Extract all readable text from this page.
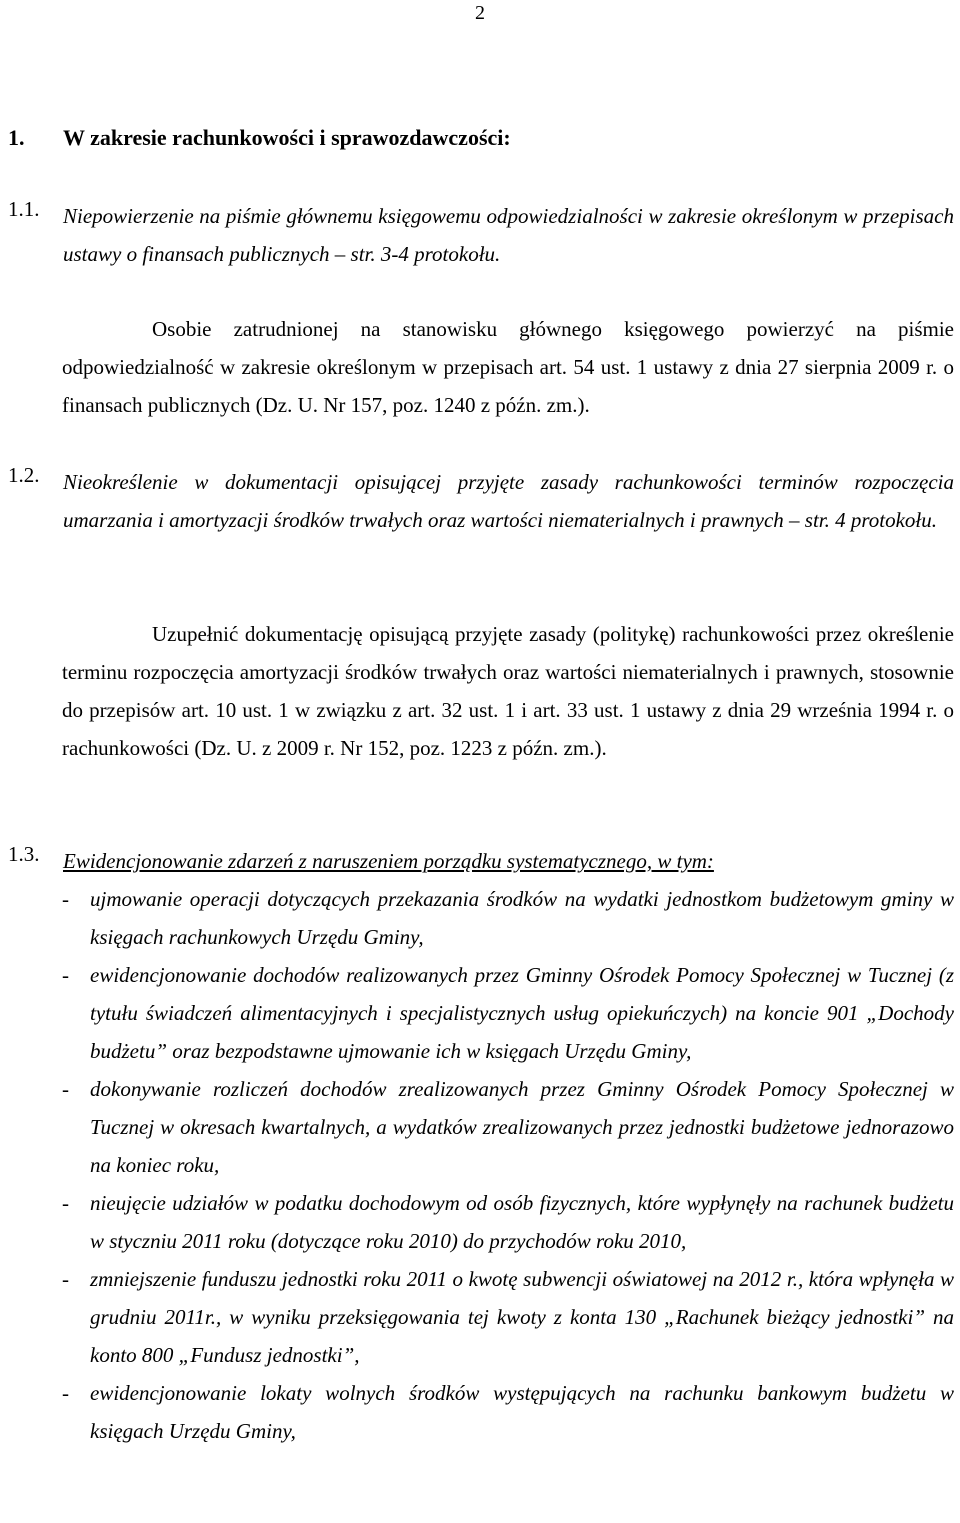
2
1.	W zakresie rachunkowości i sprawozdawczości:
1.1.	Niepowierzenie na piśmie głównemu księgowemu odpowiedzialności w zakresie określonym w przepisach ustawy o finansach publicznych – str. 3-4 protokołu.
Osobie zatrudnionej na stanowisku głównego księgowego powierzyć na piśmie odpowiedzialność w zakresie określonym w przepisach art. 54 ust. 1 ustawy z dnia 27 sierpnia 2009 r. o finansach publicznych (Dz. U. Nr 157, poz. 1240 z późn. zm.).
1.2.	Nieokreślenie w dokumentacji opisującej przyjęte zasady rachunkowości terminów rozpoczęcia umarzania i amortyzacji środków trwałych oraz wartości niematerialnych i prawnych – str. 4 protokołu.
Uzupełnić dokumentację opisującą przyjęte zasady (politykę) rachunkowości przez określenie terminu rozpoczęcia amortyzacji środków trwałych oraz wartości niematerialnych i prawnych, stosownie do przepisów art. 10 ust. 1 w związku z art. 32 ust. 1 i art. 33 ust. 1 ustawy z dnia 29 września 1994 r. o rachunkowości (Dz. U. z 2009 r. Nr 152, poz. 1223 z późn. zm.).
1.3.	Ewidencjonowanie zdarzeń z naruszeniem porządku systematycznego, w tym:
-	ujmowanie operacji dotyczących przekazania środków na wydatki jednostkom budżetowym gminy w księgach rachunkowych Urzędu Gminy,
-	ewidencjonowanie dochodów realizowanych przez Gminny Ośrodek Pomocy Społecznej w Tucznej (z tytułu świadczeń alimentacyjnych i specjalistycznych usług opiekuńczych) na koncie 901 „Dochody budżetu” oraz bezpodstawne ujmowanie ich w księgach Urzędu Gminy,
-	dokonywanie rozliczeń dochodów zrealizowanych przez Gminny Ośrodek Pomocy Społecznej w Tucznej w okresach kwartalnych, a wydatków zrealizowanych przez jednostki budżetowe jednorazowo na koniec roku,
-	nieujęcie udziałów w podatku dochodowym od osób fizycznych, które wypłynęły na rachunek budżetu w styczniu 2011 roku (dotyczące roku 2010) do przychodów roku 2010,
-	zmniejszenie funduszu jednostki roku 2011 o kwotę subwencji oświatowej na 2012 r., która wpłynęła w grudniu 2011r., w wyniku przeksięgowania tej kwoty z konta 130 „Rachunek bieżący jednostki” na konto 800 „Fundusz jednostki”,
-	ewidencjonowanie lokaty wolnych środków występujących na rachunku bankowym budżetu w księgach Urzędu Gminy,
